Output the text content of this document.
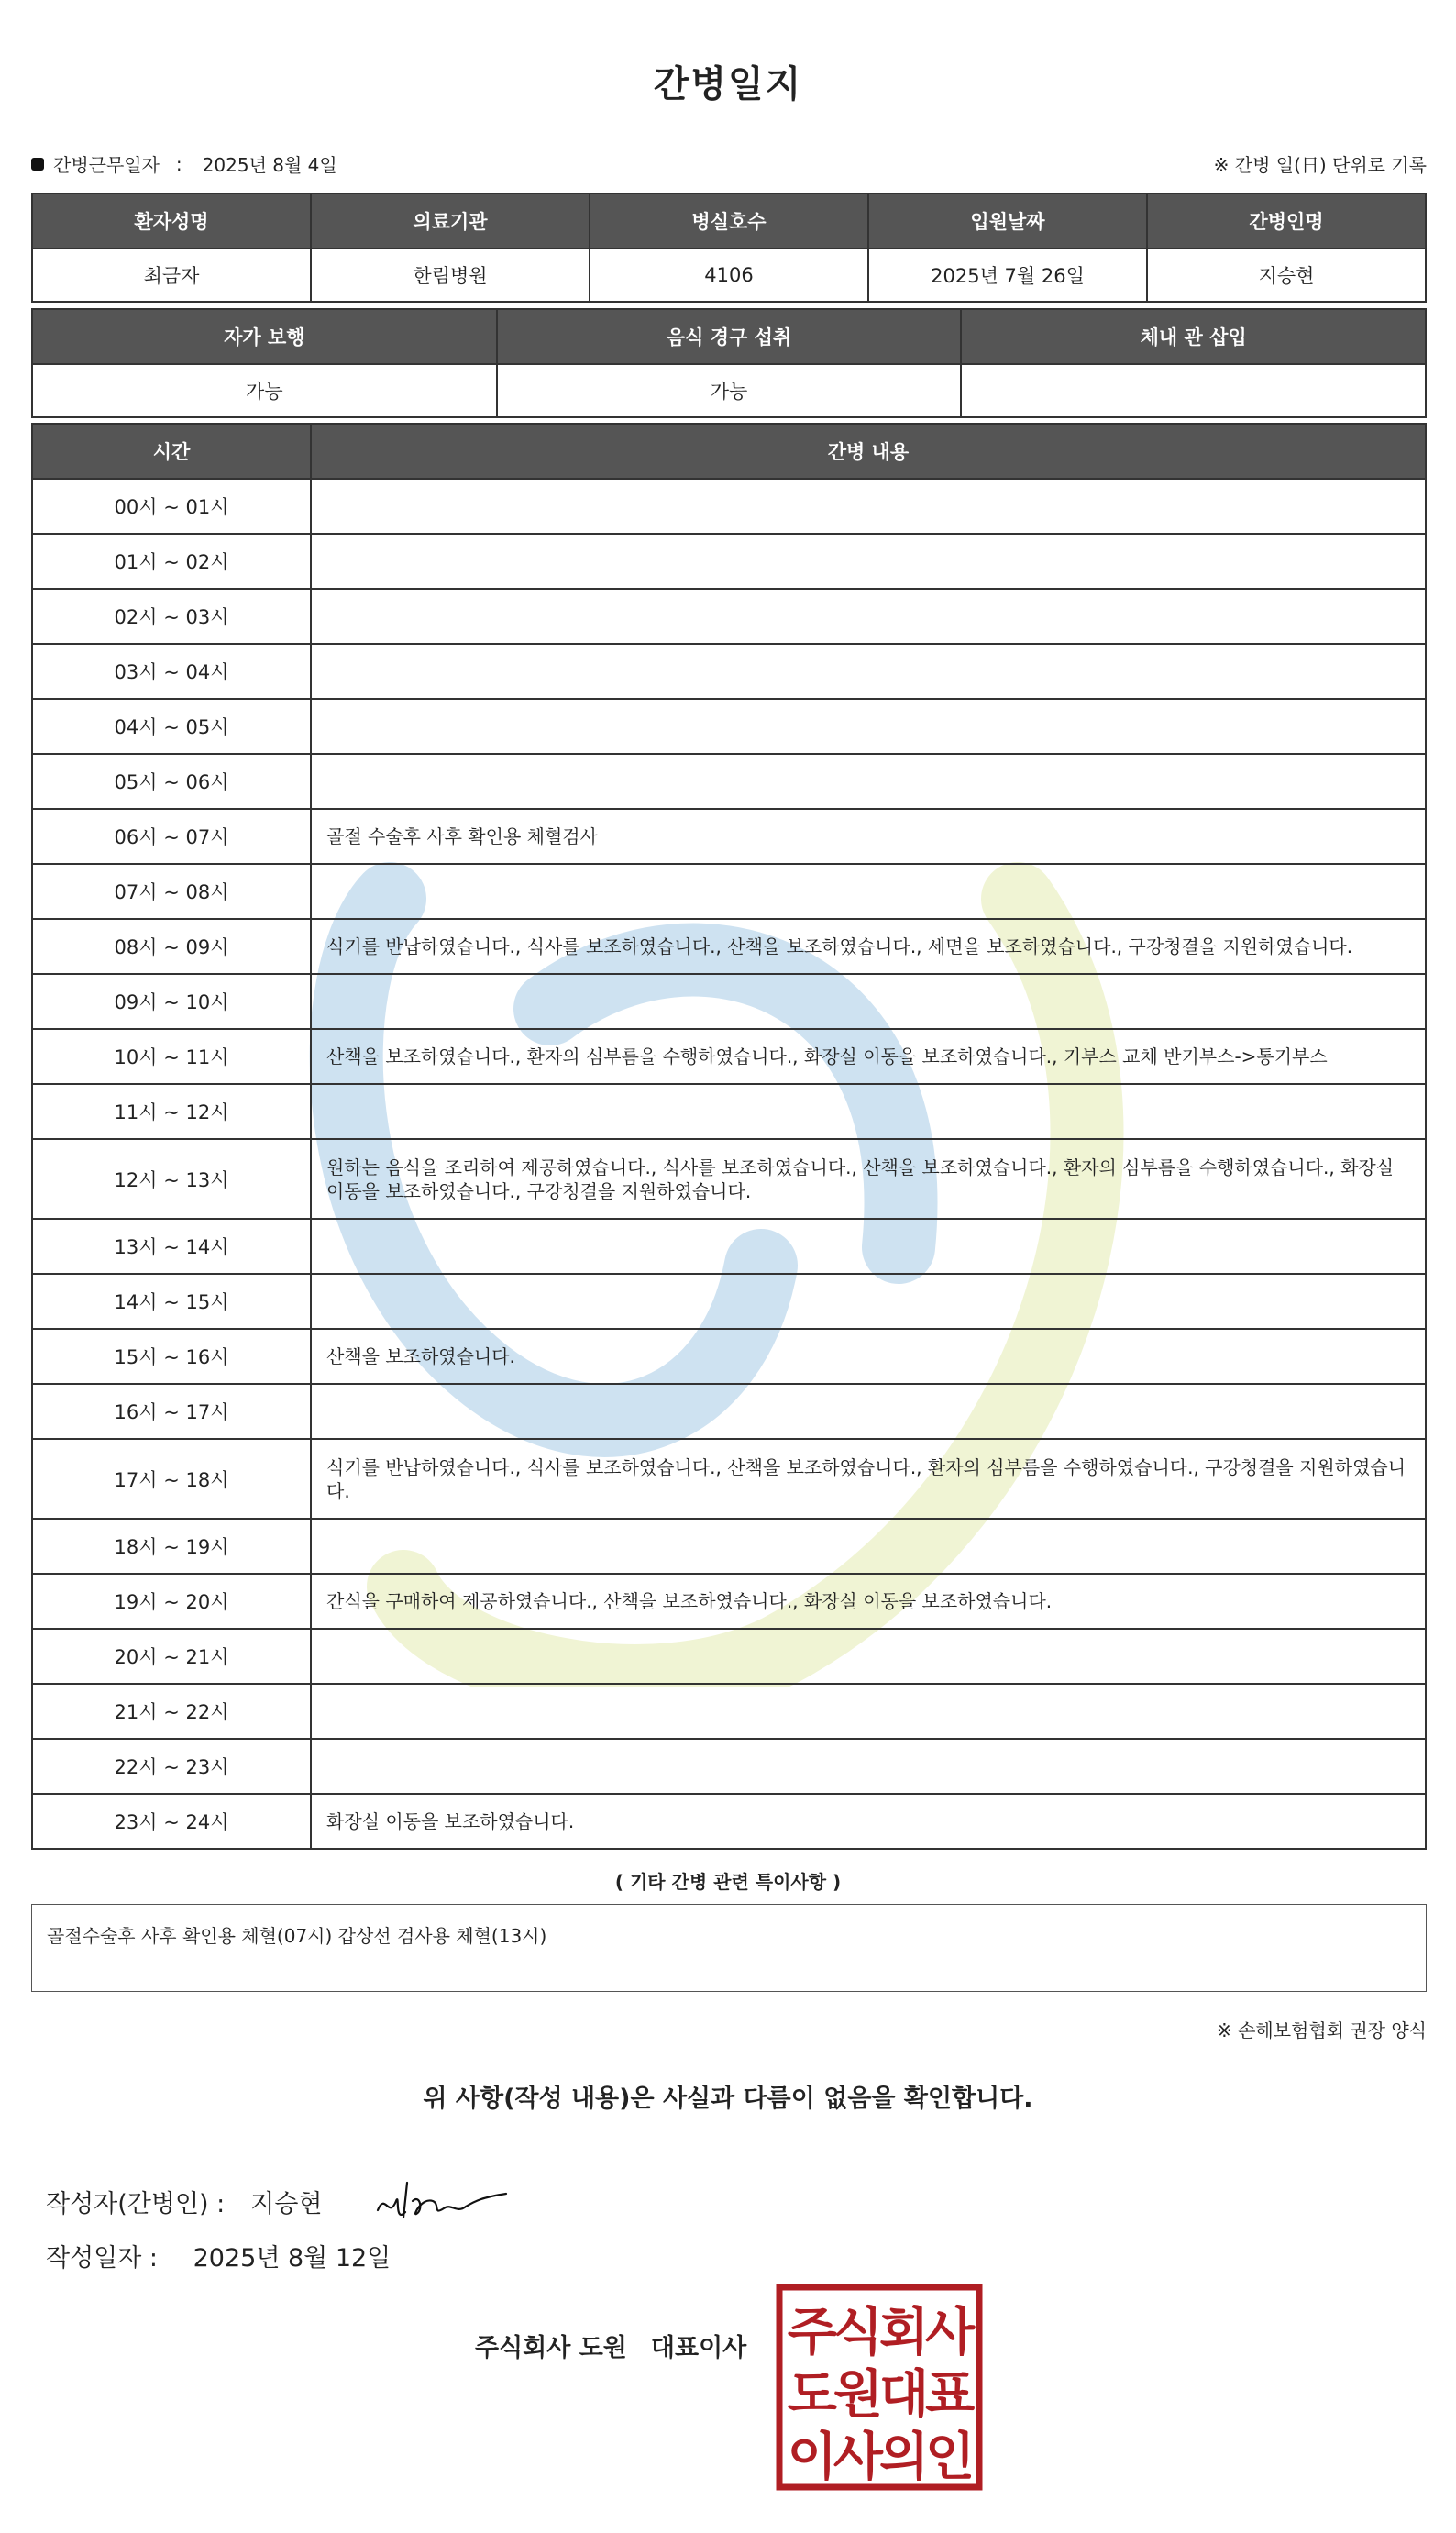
간병일지
간병근무일자 : 2025년 8월 4일	※ 간병 일(日) 단위로 기록
환자성명	의료기관	병실호수	입원날짜	간병인명
최금자	한림병원	4106	2025년 7월 26일	지승현
자가 보행	음식 경구 섭취	체내 관 삽입
가능	가능	
시간	간병 내용
00시 ~ 01시	
01시 ~ 02시	
02시 ~ 03시	
03시 ~ 04시	
04시 ~ 05시	
05시 ~ 06시	
06시 ~ 07시	골절 수술후 사후 확인용 체혈검사
07시 ~ 08시	
08시 ~ 09시	식기를 반납하였습니다., 식사를 보조하였습니다., 산책을 보조하였습니다., 세면을 보조하였습니다., 구강청결을 지원하였습니다.
09시 ~ 10시	
10시 ~ 11시	산책을 보조하였습니다., 환자의 심부름을 수행하였습니다., 화장실 이동을 보조하였습니다., 기부스 교체 반기부스->통기부스
11시 ~ 12시	
12시 ~ 13시	원하는 음식을 조리하여 제공하였습니다., 식사를 보조하였습니다., 산책을 보조하였습니다., 환자의 심부름을 수행하였습니다., 화장실 이동을 보조하였습니다., 구강청결을 지원하였습니다.
13시 ~ 14시	
14시 ~ 15시	
15시 ~ 16시	산책을 보조하였습니다.
16시 ~ 17시	
17시 ~ 18시	식기를 반납하였습니다., 식사를 보조하였습니다., 산책을 보조하였습니다., 환자의 심부름을 수행하였습니다., 구강청결을 지원하였습니다.
18시 ~ 19시	
19시 ~ 20시	간식을 구매하여 제공하였습니다., 산책을 보조하였습니다., 화장실 이동을 보조하였습니다.
20시 ~ 21시	
21시 ~ 22시	
22시 ~ 23시	
23시 ~ 24시	화장실 이동을 보조하였습니다.
( 기타 간병 관련 특이사항 )
골절수술후 사후 확인용 체혈(07시) 갑상선 검사용 체혈(13시)
※ 손해보험협회 권장 양식
위 사항(작성 내용)은 사실과 다름이 없음을 확인합니다.
작성자(간병인) : 지승현
작성일자 : 2025년 8월 12일
주식회사 도원 대표이사 주식회사
도원대표
이사의인
